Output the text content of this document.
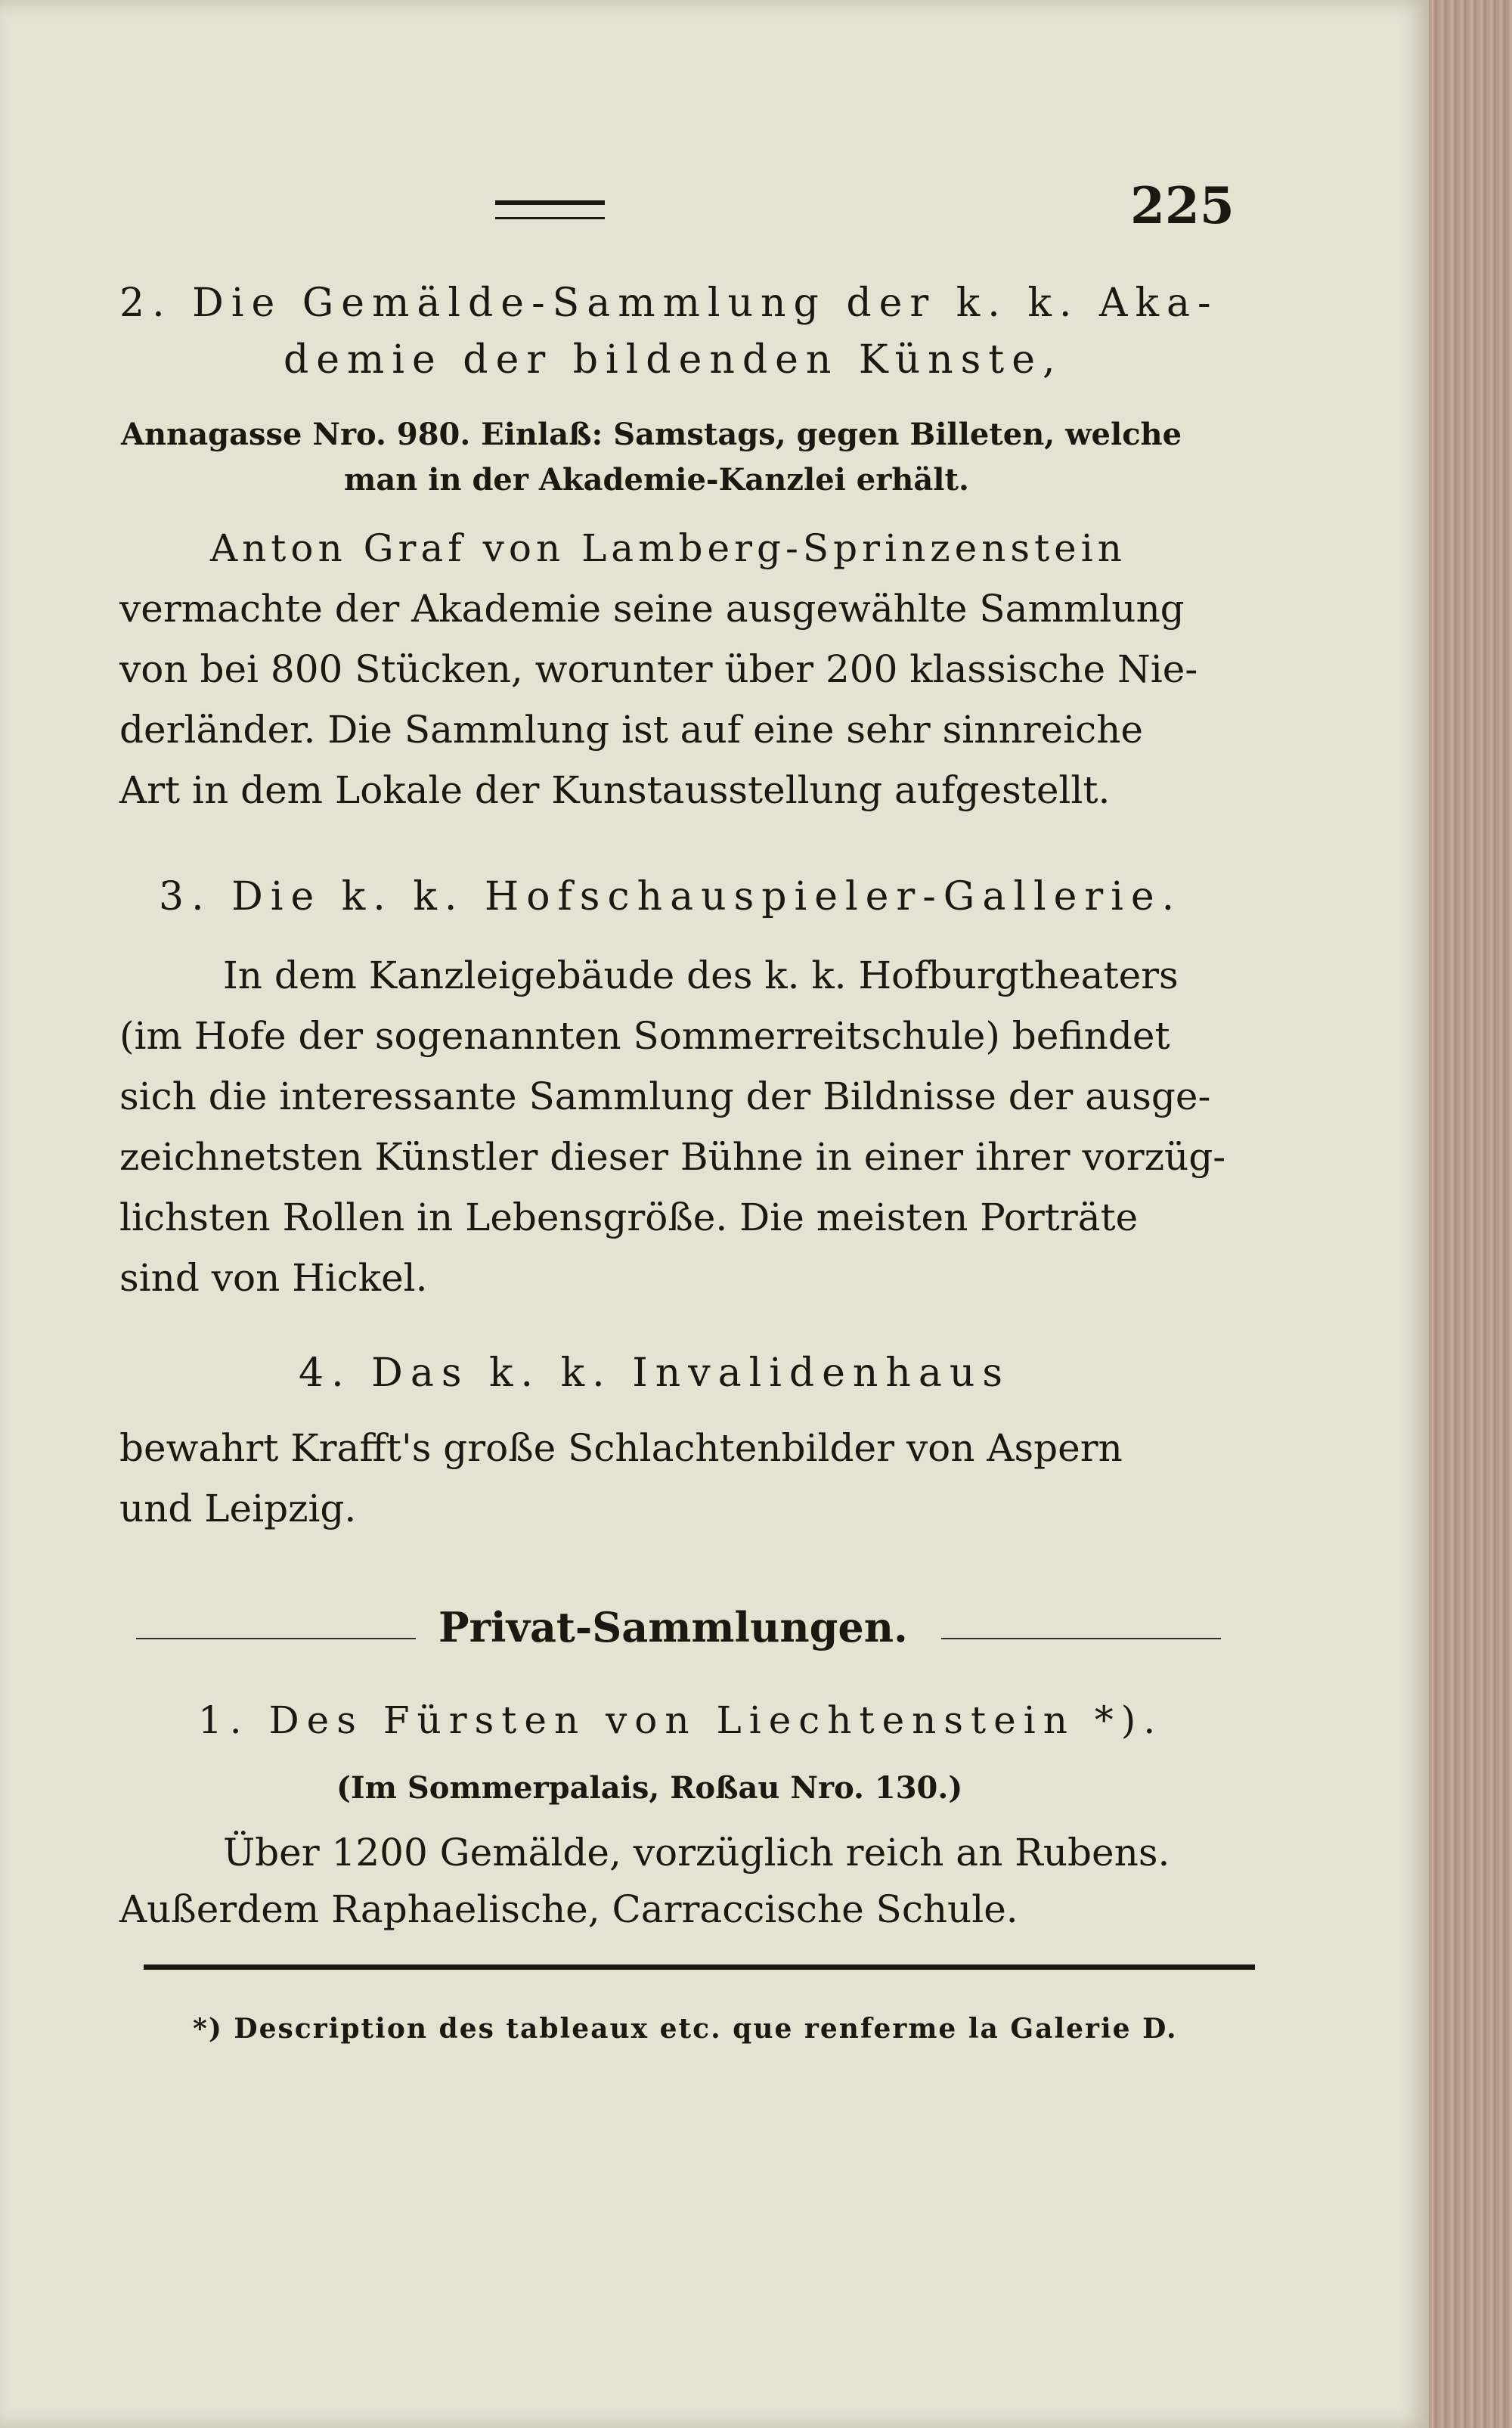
225
2. Die Gemälde-Sammlung der k. k. Aka-
demie der bildenden Künste,
Annagasse Nro. 980. Einlaß: Samstags, gegen Billeten, welche
man in der Akademie-Kanzlei erhält.
Anton Graf von Lamberg-Sprinzenstein
vermachte der Akademie seine ausgewählte Sammlung
von bei 800 Stücken, worunter über 200 klassische Nie-
derländer. Die Sammlung ist auf eine sehr sinnreiche
Art in dem Lokale der Kunstausstellung aufgestellt.
3. Die k. k. Hofschauspieler-Gallerie.
In dem Kanzleigebäude des k. k. Hofburgtheaters
(im Hofe der sogenannten Sommerreitschule) befindet
sich die interessante Sammlung der Bildnisse der ausge-
zeichnetsten Künstler dieser Bühne in einer ihrer vorzüg-
lichsten Rollen in Lebensgröße. Die meisten Porträte
sind von Hickel.
4. Das k. k. Invalidenhaus
bewahrt Krafft's große Schlachtenbilder von Aspern
und Leipzig.
Privat-Sammlungen.
1. Des Fürsten von Liechtenstein *).
(Im Sommerpalais, Roßau Nro. 130.)
Über 1200 Gemälde, vorzüglich reich an Rubens.
Außerdem Raphaelische, Carraccische Schule.
*) Description des tableaux etc. que renferme la Galerie D.
